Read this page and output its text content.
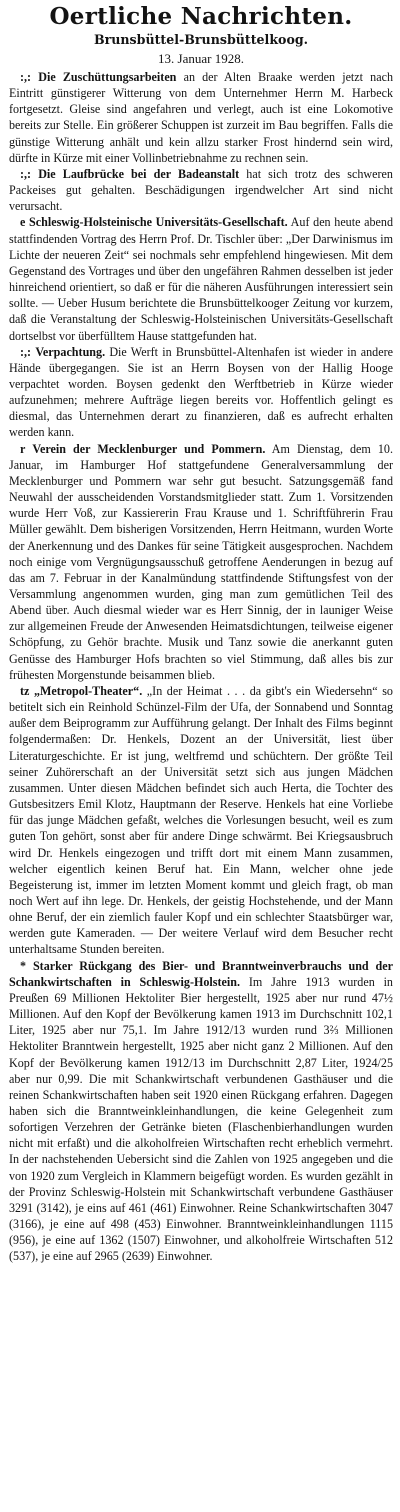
Oertliche Nachrichten.
Brunsbüttel-Brunsbüttelkoog.
13. Januar 1928.

:,: Die Zuschüttungsarbeiten an der Alten Braake werden jetzt nach Eintritt günstigerer Witterung von dem Unternehmer Herrn M. Harbeck fortgesetzt. Gleise sind angefahren und verlegt, auch ist eine Lokomotive bereits zur Stelle. Ein größerer Schuppen ist zurzeit im Bau begriffen. Falls die günstige Witterung anhält und kein allzu starker Frost hindernd sein wird, dürfte in Kürze mit einer Vollinbetriebnahme zu rechnen sein.

:,: Die Laufbrücke bei der Badeanstalt hat sich trotz des schweren Packeises gut gehalten. Beschädigungen irgendwelcher Art sind nicht verursacht.

e Schleswig-Holsteinische Universitäts-Gesellschaft. Auf den heute abend stattfindenden Vortrag des Herrn Prof. Dr. Tischler über: „Der Darwinismus im Lichte der neueren Zeit“ sei nochmals sehr empfehlend hingewiesen. Mit dem Gegenstand des Vortrages und über den ungefähren Rahmen desselben ist jeder hinreichend orientiert, so daß er für die näheren Ausführungen interessiert sein sollte. — Ueber Husum berichtete die Brunsbüttelkooger Zeitung vor kurzem, daß die Veranstaltung der Schleswig-Holsteinischen Universitäts-Gesellschaft dortselbst vor überfülltem Hause stattgefunden hat.

:,: Verpachtung. Die Werft in Brunsbüttel-Altenhafen ist wieder in andere Hände übergegangen. Sie ist an Herrn Boysen von der Hallig Hooge verpachtet worden. Boysen gedenkt den Werftbetrieb in Kürze wieder aufzunehmen; mehrere Aufträge liegen bereits vor. Hoffentlich gelingt es diesmal, das Unternehmen derart zu finanzieren, daß es aufrecht erhalten werden kann.

r Verein der Mecklenburger und Pommern. Am Dienstag, dem 10. Januar, im Hamburger Hof stattgefundene Generalversammlung der Mecklenburger und Pommern war sehr gut besucht. Satzungsgemäß fand Neuwahl der ausscheidenden Vorstandsmitglieder statt. Zum 1. Vorsitzenden wurde Herr Voß, zur Kassiererin Frau Krause und 1. Schriftführerin Frau Müller gewählt. Dem bisherigen Vorsitzenden, Herrn Heitmann, wurden Worte der Anerkennung und des Dankes für seine Tätigkeit ausgesprochen. Nachdem noch einige vom Vergnügungsausschuß getroffene Aenderungen in bezug auf das am 7. Februar in der Kanalmündung stattfindende Stiftungsfest von der Versammlung angenommen wurden, ging man zum gemütlichen Teil des Abend über. Auch diesmal wieder war es Herr Sinnig, der in launiger Weise zur allgemeinen Freude der Anwesenden Heimatsdichtungen, teilweise eigener Schöpfung, zu Gehör brachte. Musik und Tanz sowie die anerkannt guten Genüsse des Hamburger Hofs brachten so viel Stimmung, daß alles bis zur frühesten Morgenstunde beisammen blieb.

tz „Metropol-Theater“. „In der Heimat . . . da gibt's ein Wiedersehn“ so betitelt sich ein Reinhold Schünzel-Film der Ufa, der Sonnabend und Sonntag außer dem Beiprogramm zur Aufführung gelangt. Der Inhalt des Films beginnt folgendermaßen: Dr. Henkels, Dozent an der Universität, liest über Literaturgeschichte. Er ist jung, weltfremd und schüchtern. Der größte Teil seiner Zuhörerschaft an der Universität setzt sich aus jungen Mädchen zusammen. Unter diesen Mädchen befindet sich auch Herta, die Tochter des Gutsbesitzers Emil Klotz, Hauptmann der Reserve. Henkels hat eine Vorliebe für das junge Mädchen gefaßt, welches die Vorlesungen besucht, weil es zum guten Ton gehört, sonst aber für andere Dinge schwärmt. Bei Kriegsausbruch wird Dr. Henkels eingezogen und trifft dort mit einem Mann zusammen, welcher eigentlich keinen Beruf hat. Ein Mann, welcher ohne jede Begeisterung ist, immer im letzten Moment kommt und gleich fragt, ob man noch Wert auf ihn lege. Dr. Henkels, der geistig Hochstehende, und der Mann ohne Beruf, der ein ziemlich fauler Kopf und ein schlechter Staatsbürger war, werden gute Kameraden. — Der weitere Verlauf wird dem Besucher recht unterhaltsame Stunden bereiten.

* Starker Rückgang des Bier- und Branntweinverbrauchs und der Schankwirtschaften in Schleswig-Holstein. Im Jahre 1913 wurden in Preußen 69 Millionen Hektoliter Bier hergestellt, 1925 aber nur rund 47½ Millionen. Auf den Kopf der Bevölkerung kamen 1913 im Durchschnitt 102,1 Liter, 1925 aber nur 75,1. Im Jahre 1912/13 wurden rund 3⅔ Millionen Hektoliter Branntwein hergestellt, 1925 aber nicht ganz 2 Millionen. Auf den Kopf der Bevölkerung kamen 1912/13 im Durchschnitt 2,87 Liter, 1924/25 aber nur 0,99. Die mit Schankwirtschaft verbundenen Gasthäuser und die reinen Schankwirtschaften haben seit 1920 einen Rückgang erfahren. Dagegen haben sich die Branntweinkleinhandlungen, die keine Gelegenheit zum sofortigen Verzehren der Getränke bieten (Flaschenbierhandlungen wurden nicht mit erfaßt) und die alkoholfreien Wirtschaften recht erheblich vermehrt. In der nachstehenden Uebersicht sind die Zahlen von 1925 angegeben und die von 1920 zum Vergleich in Klammern beigefügt worden. Es wurden gezählt in der Provinz Schleswig-Holstein mit Schankwirtschaft verbundene Gasthäuser 3291 (3142), je eins auf 461 (461) Einwohner. Reine Schankwirtschaften 3047 (3166), je eine auf 498 (453) Einwohner. Branntweinkleinhandlungen 1115 (956), je eine auf 1362 (1507) Einwohner, und alkoholfreie Wirtschaften 512 (537), je eine auf 2965 (2639) Einwohner.
